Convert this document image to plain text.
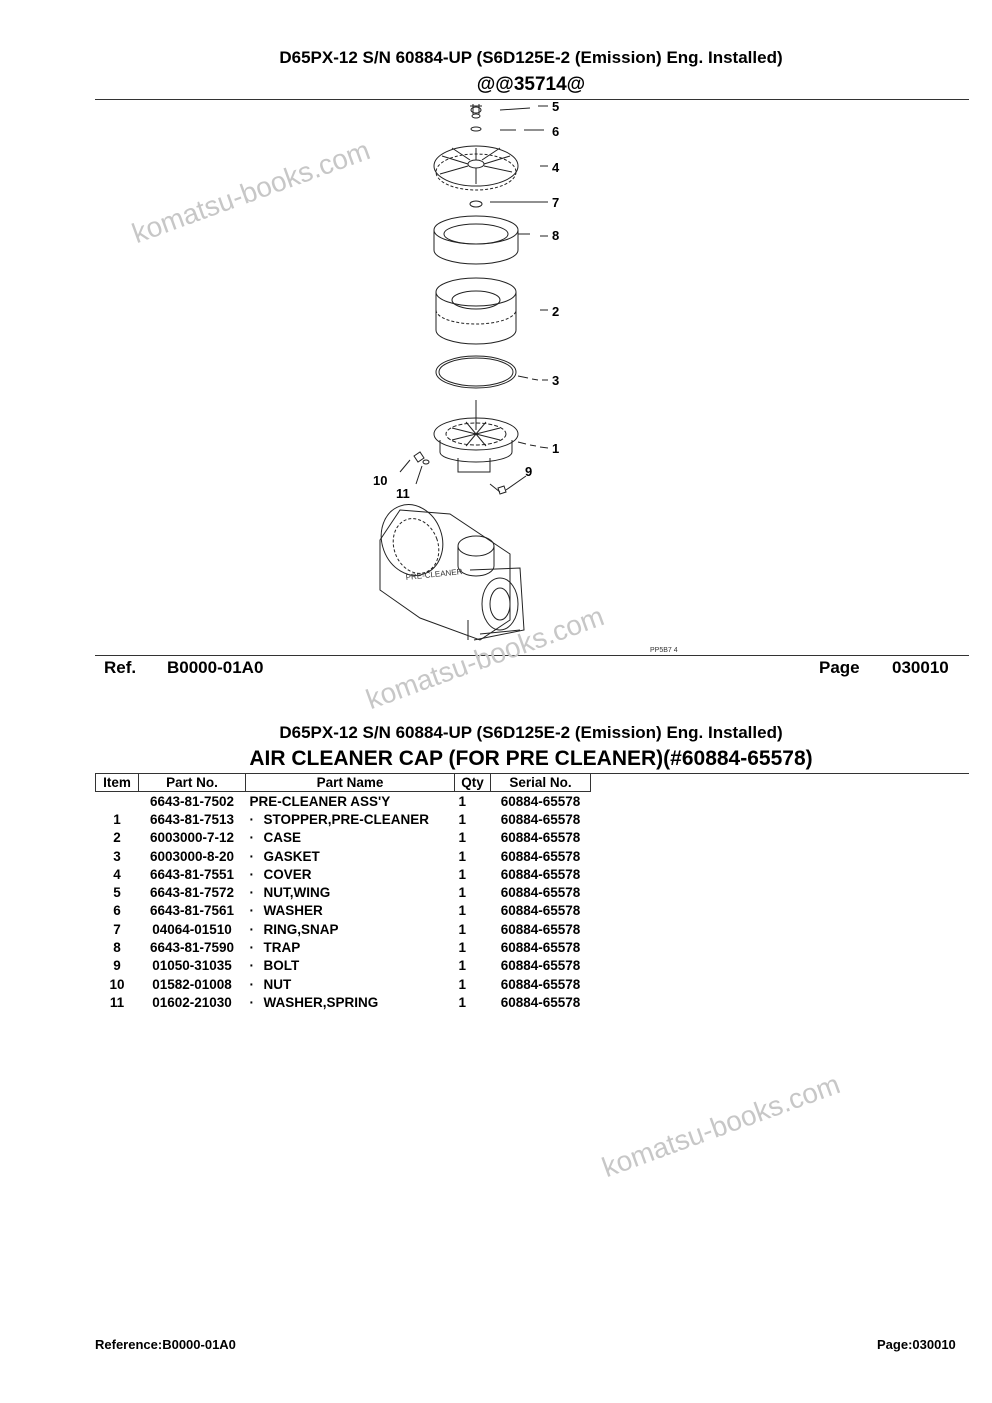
D65PX-12 S/N 60884-UP (S6D125E-2 (Emission) Eng. Installed)
@@35714@
5
6
4
7
8
2
3
1
9
10
11
PRE-CLEANER
PP5B7 4
Ref. B0000-01A0	Page 030010
D65PX-12 S/N 60884-UP (S6D125E-2 (Emission) Eng. Installed)
AIR CLEANER CAP (FOR PRE CLEANER)(#60884-65578)
Item	Part No.	Part Name	Qty	Serial No.
	6643-81-7502	PRE-CLEANER ASS'Y	1	60884-65578
1	6643-81-7513	· STOPPER,PRE-CLEANER	1	60884-65578
2	6003000-7-12	· CASE	1	60884-65578
3	6003000-8-20	· GASKET	1	60884-65578
4	6643-81-7551	· COVER	1	60884-65578
5	6643-81-7572	· NUT,WING	1	60884-65578
6	6643-81-7561	· WASHER	1	60884-65578
7	04064-01510	· RING,SNAP	1	60884-65578
8	6643-81-7590	· TRAP	1	60884-65578
9	01050-31035	· BOLT	1	60884-65578
10	01582-01008	· NUT	1	60884-65578
11	01602-21030	· WASHER,SPRING	1	60884-65578
komatsu-books.com
komatsu-books.com
komatsu-books.com
Reference:B0000-01A0	Page:030010
